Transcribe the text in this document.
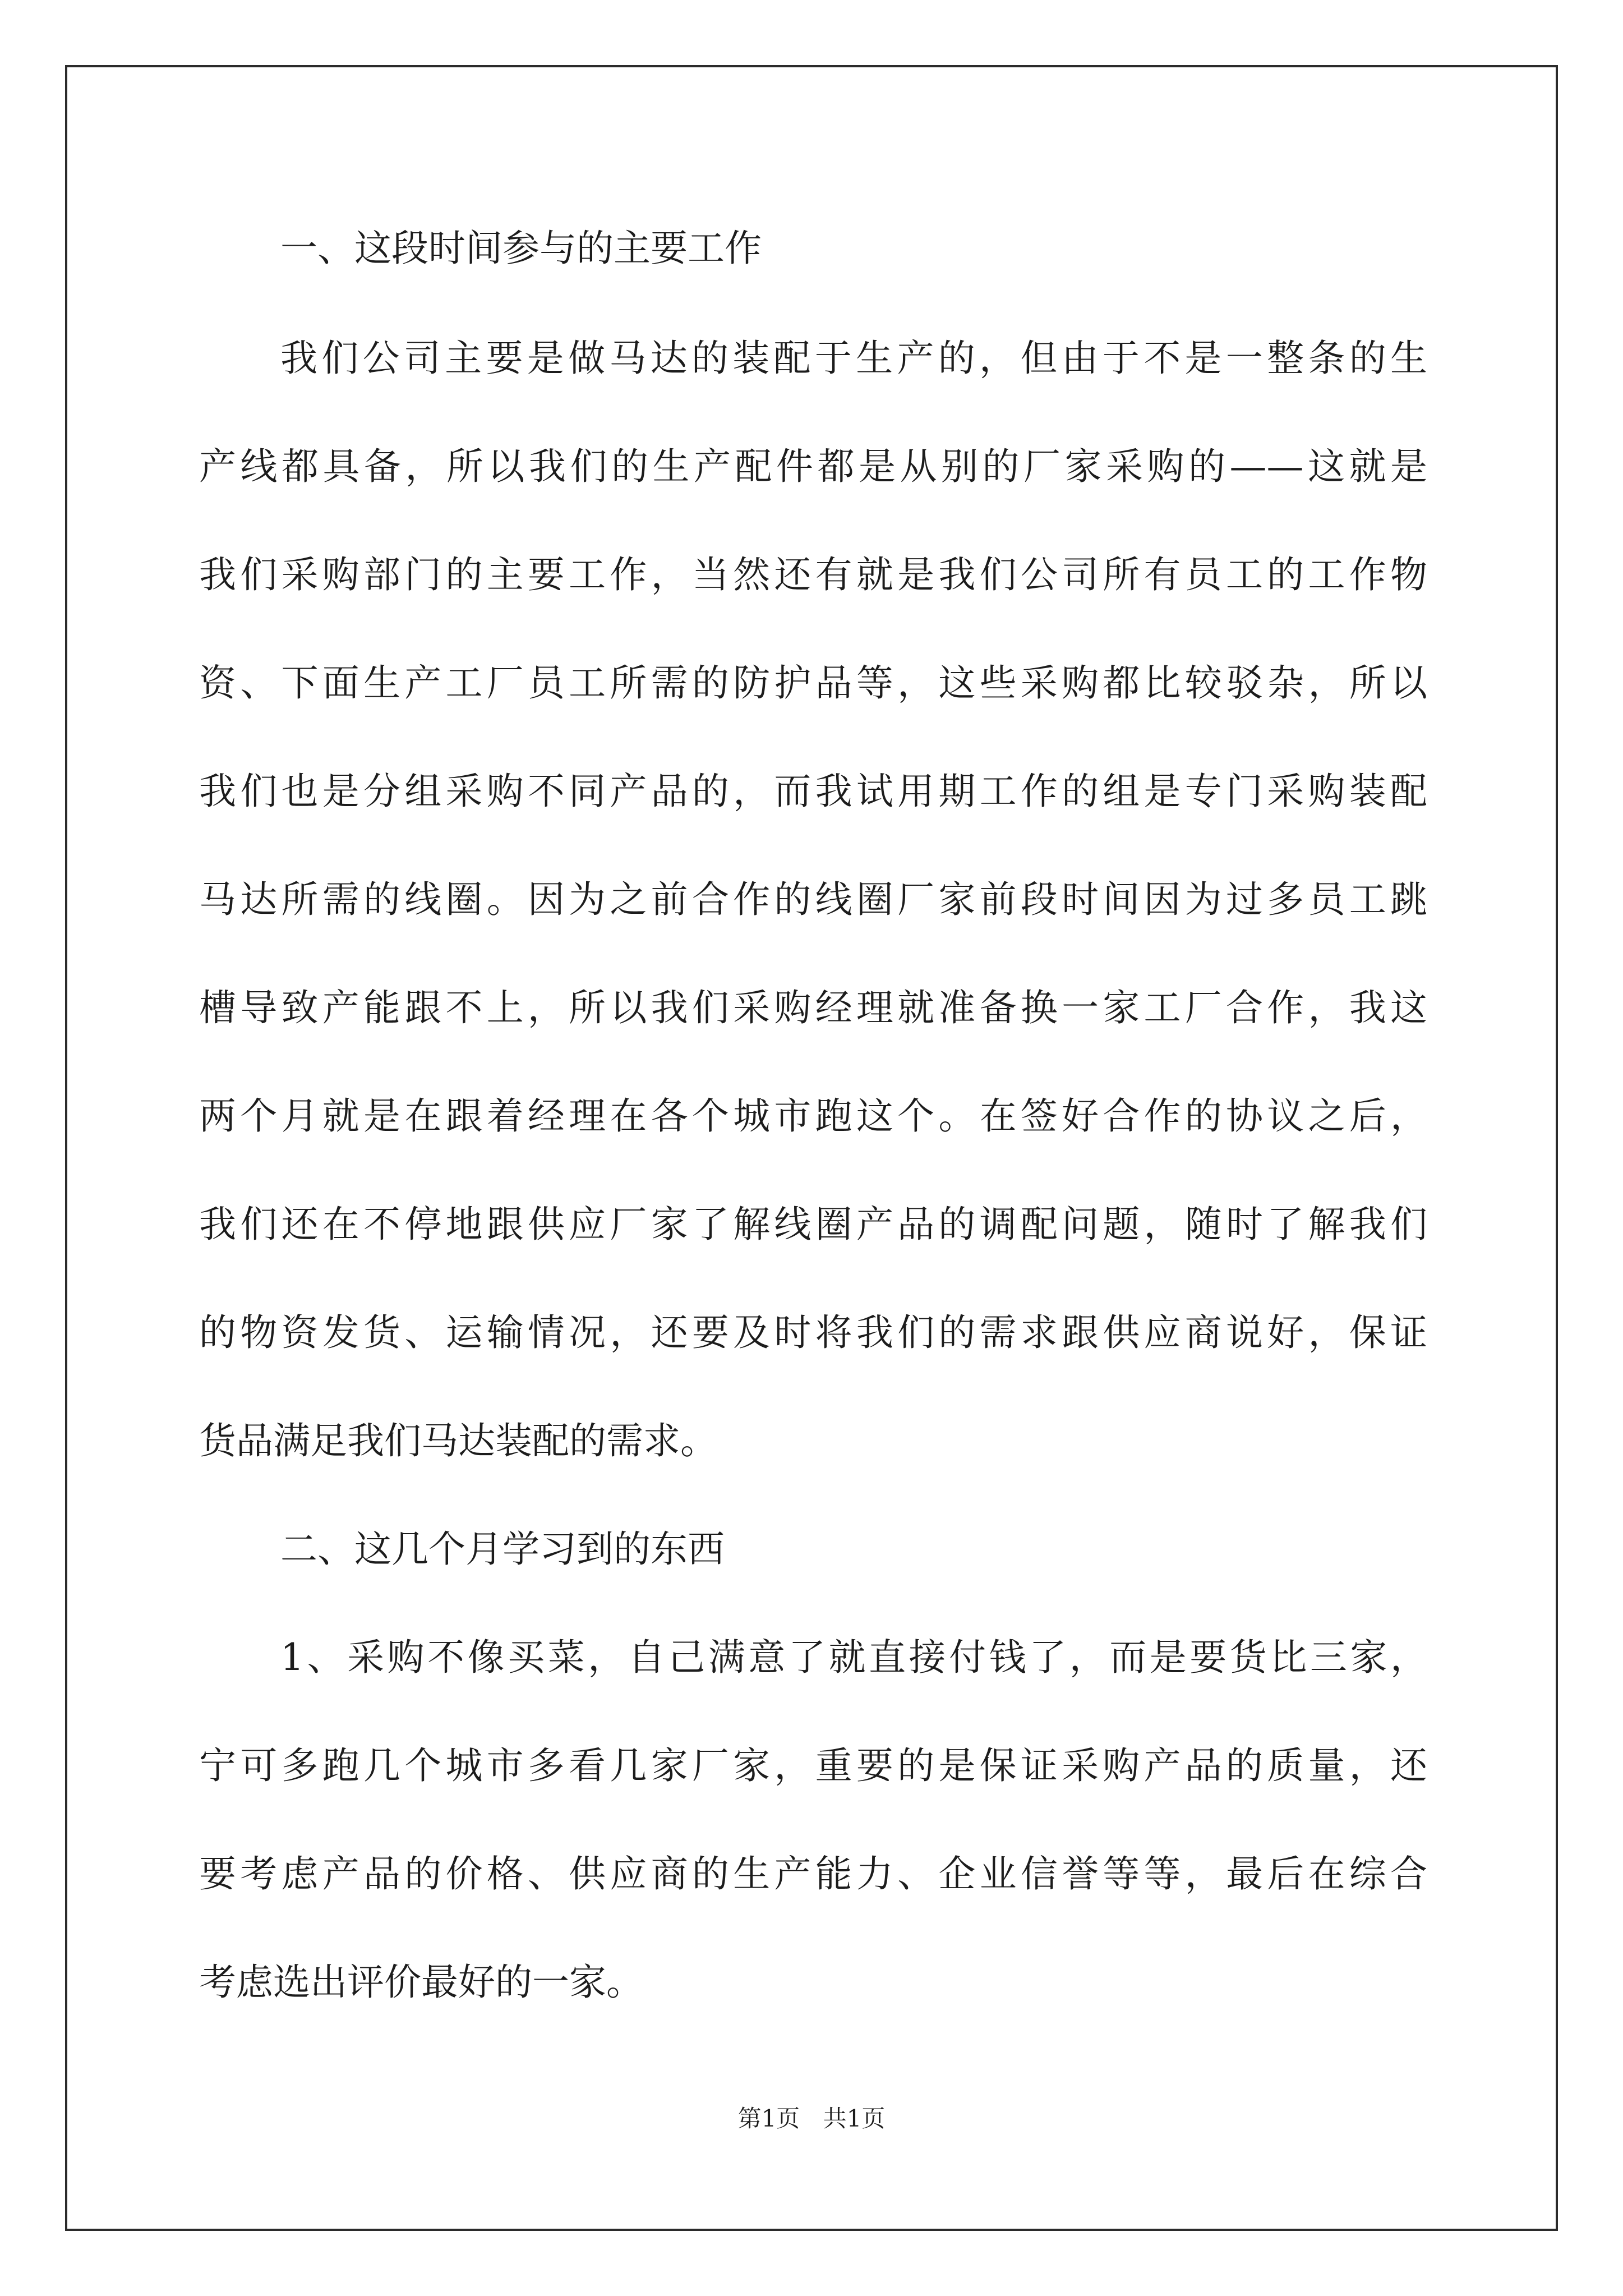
一、这段时间参与的主要工作
我们公司主要是做马达的装配于生产的，但由于不是一整条的生
产线都具备，所以我们的生产配件都是从别的厂家采购的——这就是
我们采购部门的主要工作，当然还有就是我们公司所有员工的工作物
资、下面生产工厂员工所需的防护品等，这些采购都比较驳杂，所以
我们也是分组采购不同产品的，而我试用期工作的组是专门采购装配
马达所需的线圈。因为之前合作的线圈厂家前段时间因为过多员工跳
槽导致产能跟不上，所以我们采购经理就准备换一家工厂合作，我这
两个月就是在跟着经理在各个城市跑这个。在签好合作的协议之后，
我们还在不停地跟供应厂家了解线圈产品的调配问题，随时了解我们
的物资发货、运输情况，还要及时将我们的需求跟供应商说好，保证
货品满足我们马达装配的需求。
二、这几个月学习到的东西
1、采购不像买菜，自己满意了就直接付钱了，而是要货比三家，
宁可多跑几个城市多看几家厂家，重要的是保证采购产品的质量，还
要考虑产品的价格、供应商的生产能力、企业信誉等等，最后在综合
考虑选出评价最好的一家。
第1页 共1页
